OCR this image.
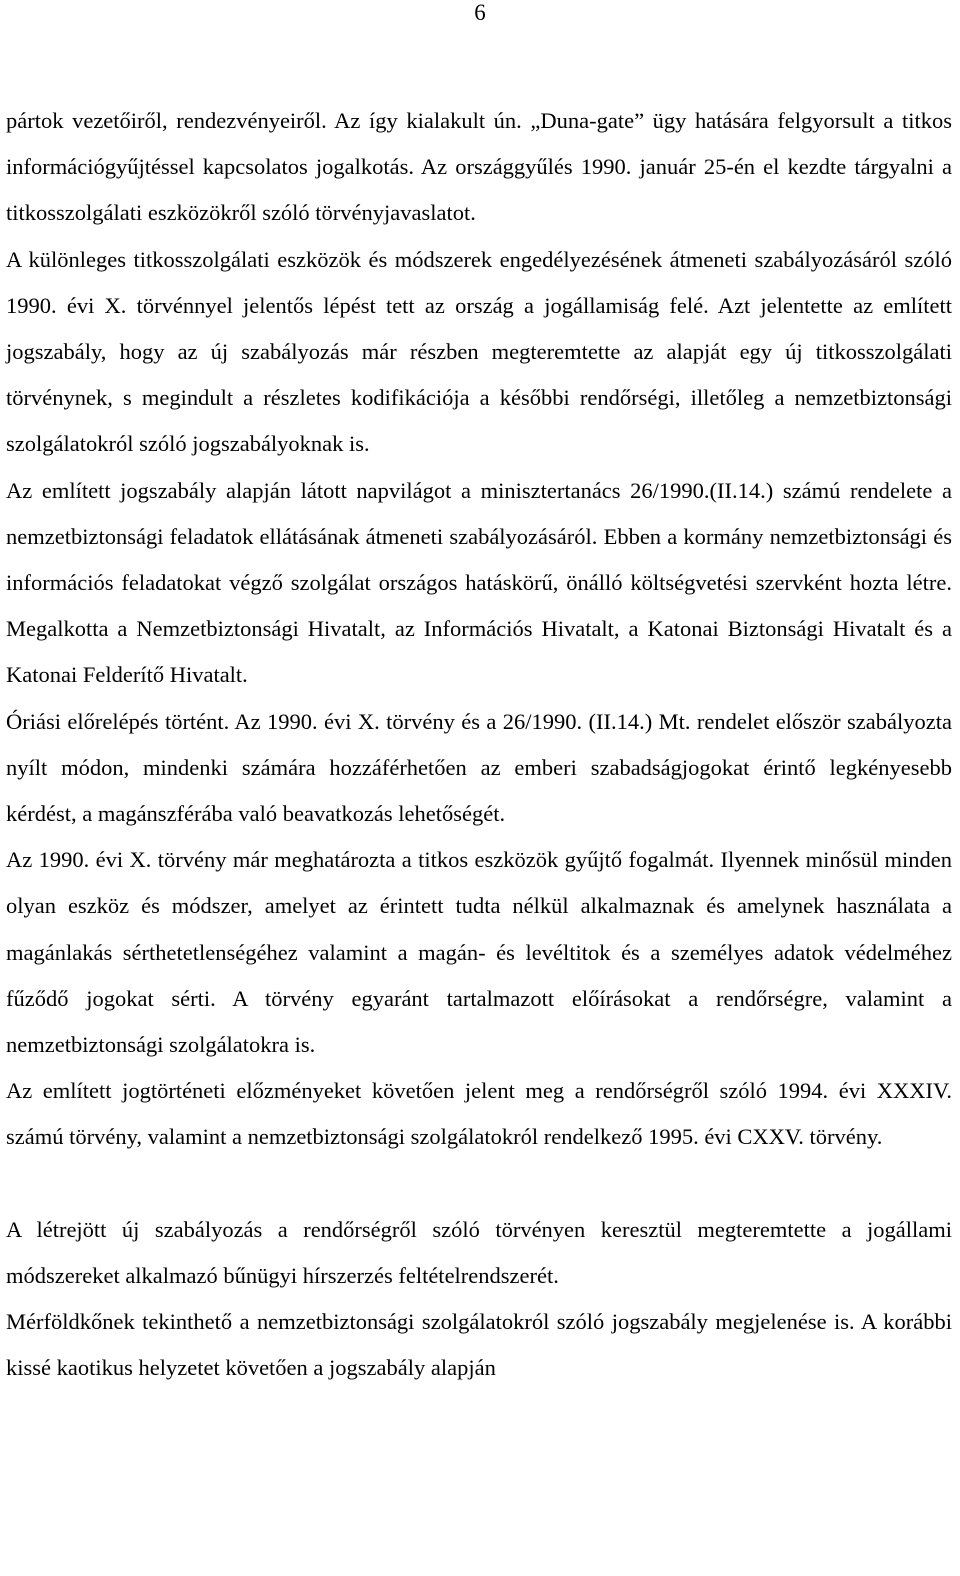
6

pártok vezetőiről, rendezvényeiről. Az így kialakult ún. „Duna-gate” ügy hatására felgyorsult a titkos információgyűjtéssel kapcsolatos jogalkotás. Az országgyűlés 1990. január 25-én el kezdte tárgyalni a titkosszolgálati eszközökről szóló törvényjavaslatot.

A különleges titkosszolgálati eszközök és módszerek engedélyezésének átmeneti szabályozásáról szóló 1990. évi X. törvénnyel jelentős lépést tett az ország a jogállamiság felé. Azt jelentette az említett jogszabály, hogy az új szabályozás már részben megteremtette az alapját egy új titkosszolgálati törvénynek, s megindult a részletes kodifikációja a későbbi rendőrségi, illetőleg a nemzetbiztonsági szolgálatokról szóló jogszabályoknak is.

Az említett jogszabály alapján látott napvilágot a minisztertanács 26/1990.(II.14.) számú rendelete a nemzetbiztonsági feladatok ellátásának átmeneti szabályozásáról. Ebben a kormány nemzetbiztonsági és információs feladatokat végző szolgálat országos hatáskörű, önálló költségvetési szervként hozta létre. Megalkotta a Nemzetbiztonsági Hivatalt, az Információs Hivatalt, a Katonai Biztonsági Hivatalt és a Katonai Felderítő Hivatalt.

Óriási előrelépés történt. Az 1990. évi X. törvény és a 26/1990. (II.14.) Mt. rendelet először szabályozta nyílt módon, mindenki számára hozzáférhetően az emberi szabadságjogokat érintő legkényesebb kérdést, a magánszférába való beavatkozás lehetőségét.

Az 1990. évi X. törvény már meghatározta a titkos eszközök gyűjtő fogalmát. Ilyennek minősül minden olyan eszköz és módszer, amelyet az érintett tudta nélkül alkalmaznak és amelynek használata a magánlakás sérthetetlenségéhez valamint a magán- és levéltitok és a személyes adatok védelméhez fűződő jogokat sérti. A törvény egyaránt tartalmazott előírásokat a rendőrségre, valamint a nemzetbiztonsági szolgálatokra is.

Az említett jogtörténeti előzményeket követően jelent meg a rendőrségről szóló 1994. évi XXXIV. számú törvény, valamint a nemzetbiztonsági szolgálatokról rendelkező 1995. évi CXXV. törvény.

A létrejött új szabályozás a rendőrségről szóló törvényen keresztül megteremtette a jogállami módszereket alkalmazó bűnügyi hírszerzés feltételrendszerét.

Mérföldkőnek tekinthető a nemzetbiztonsági szolgálatokról szóló jogszabály megjelenése is. A korábbi kissé kaotikus helyzetet követően a jogszabály alapján
